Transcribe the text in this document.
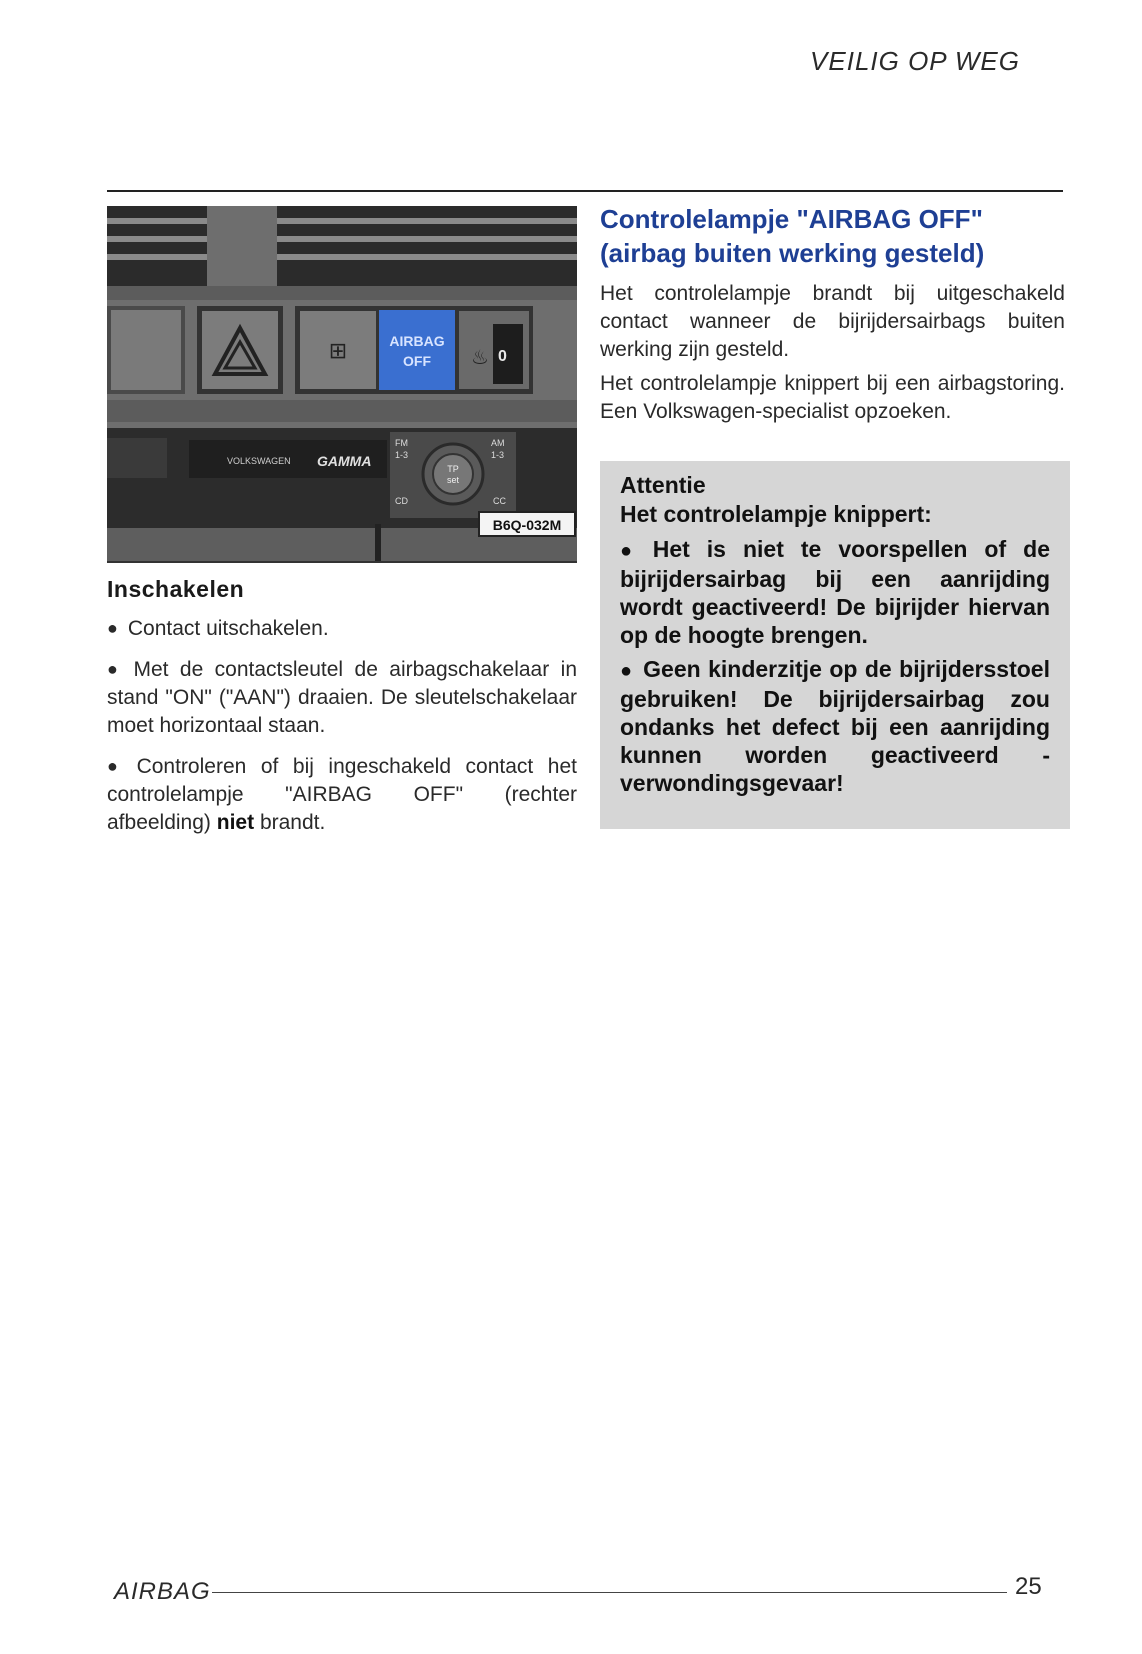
VEILIG OP WEG
⊞	AIRBAG
OFF	0
♨
VOLKSWAGEN GAMMA
FM
1-3
AM
1-3
CD	CC
TP
set
B6Q-032M
Inschakelen
● Contact uitschakelen.
● Met de contactsleutel de airbagschakelaar in stand "ON" ("AAN") draaien. De sleutelschakelaar moet horizontaal staan.
● Controleren of bij ingeschakeld contact het controlelampje "AIRBAG OFF" (rechter afbeelding) niet brandt.
Controlelampje "AIRBAG OFF" (airbag buiten werking gesteld)
Het controlelampje brandt bij uitgeschakeld contact wanneer de bijrijdersairbags buiten werking zijn gesteld.
Het controlelampje knippert bij een airbagstoring. Een Volkswagen-specialist opzoeken.
Attentie
Het controlelampje knippert:
● Het is niet te voorspellen of de bijrijdersairbag bij een aanrijding wordt geactiveerd! De bijrijder hiervan op de hoogte brengen.
● Geen kinderzitje op de bijrijdersstoel gebruiken! De bijrijdersairbag zou ondanks het defect bij een aanrijding kunnen worden geactiveerd - verwondingsgevaar!
AIRBAG	25
